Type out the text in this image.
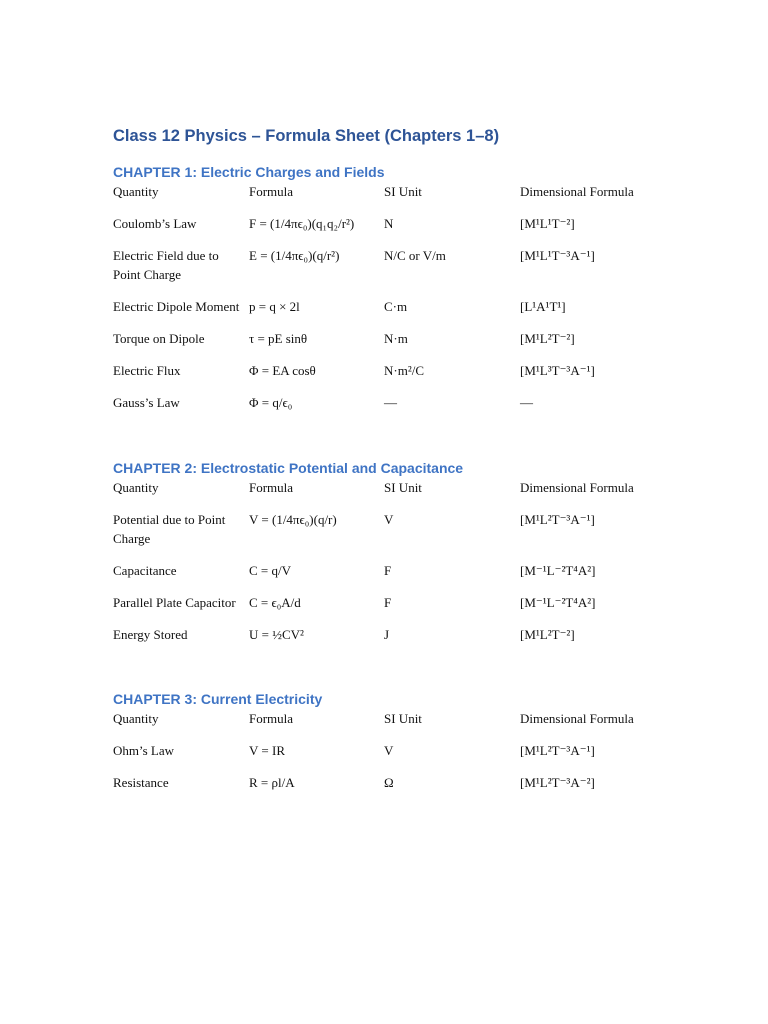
Class 12 Physics – Formula Sheet (Chapters 1–8)
CHAPTER 1: Electric Charges and Fields
Quantity	Formula	SI Unit	Dimensional Formula
Coulomb’s Law	F = (1/4πϵ₀)(q₁q₂/r²)	N	[M¹L¹T⁻²]
Electric Field due to Point Charge	E = (1/4πϵ₀)(q/r²)	N/C or V/m	[M¹L¹T⁻³A⁻¹]
Electric Dipole Moment	p = q × 2l	C·m	[L¹A¹T¹]
Torque on Dipole	τ = pE sinθ	N·m	[M¹L²T⁻²]
Electric Flux	Φ = EA cosθ	N·m²/C	[M¹L³T⁻³A⁻¹]
Gauss’s Law	Φ = q/ϵ₀	—	—
CHAPTER 2: Electrostatic Potential and Capacitance
Quantity	Formula	SI Unit	Dimensional Formula
Potential due to Point Charge	V = (1/4πϵ₀)(q/r)	V	[M¹L²T⁻³A⁻¹]
Capacitance	C = q/V	F	[M⁻¹L⁻²T⁴A²]
Parallel Plate Capacitor	C = ϵ₀A/d	F	[M⁻¹L⁻²T⁴A²]
Energy Stored	U = ½CV²	J	[M¹L²T⁻²]
CHAPTER 3: Current Electricity
Quantity	Formula	SI Unit	Dimensional Formula
Ohm’s Law	V = IR	V	[M¹L²T⁻³A⁻¹]
Resistance	R = ρl/A	Ω	[M¹L²T⁻³A⁻²]
